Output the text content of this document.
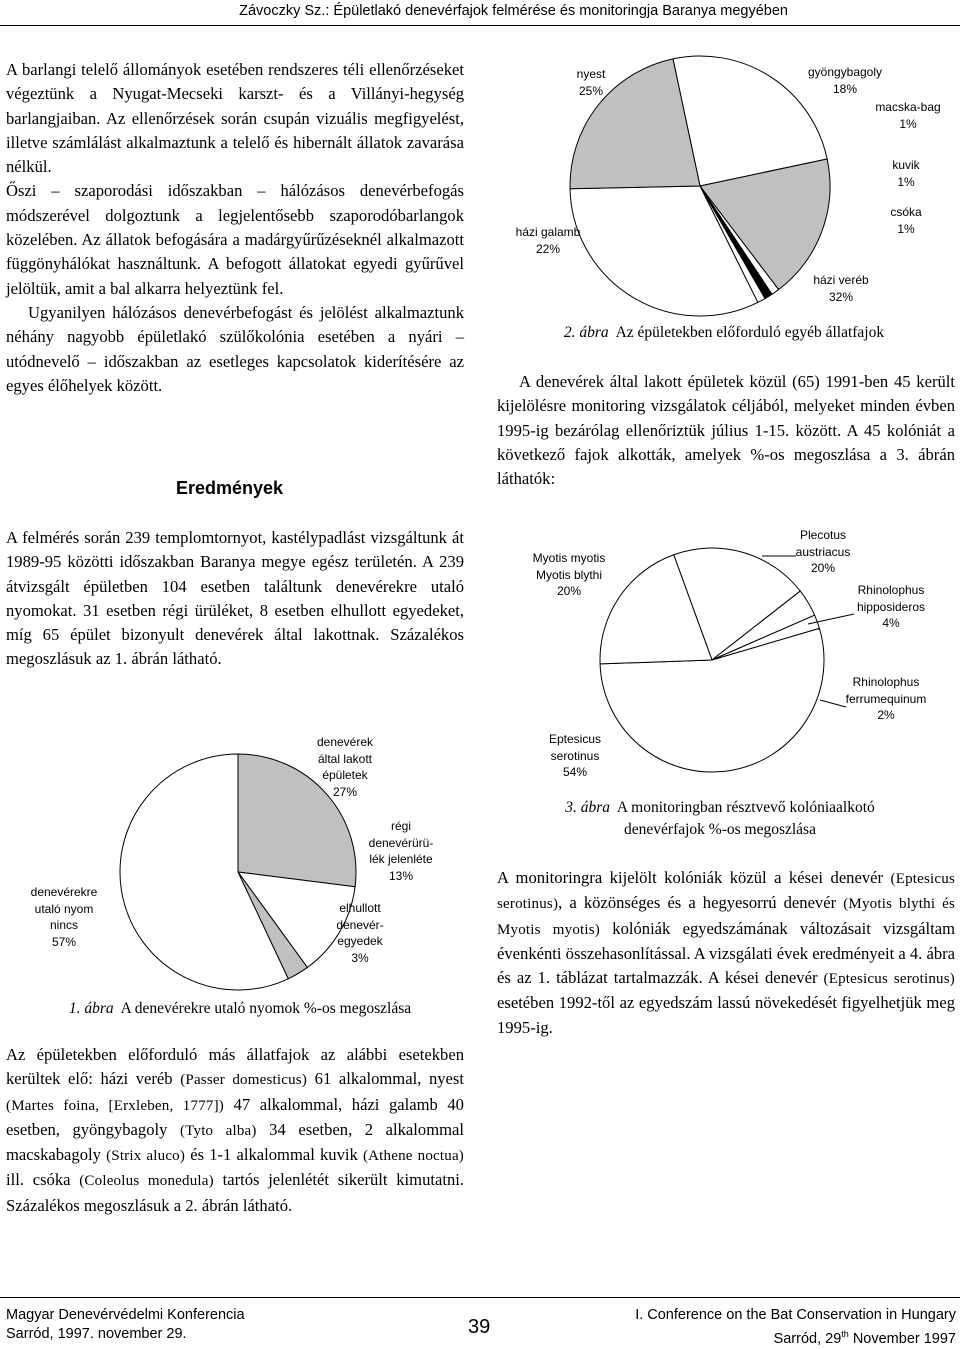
Závoczky Sz.: Épületlakó denevérfajok felmérése és monitoringja Baranya megyében

A barlangi telelő állományok esetében rendszeres téli ellenőrzéseket végeztünk a Nyugat-Mecseki karszt- és a Villányi-hegység barlangjaiban. Az ellenőrzések során csupán vizuális megfigyelést, illetve számlálást alkalmaztunk a telelő és hibernált állatok zavarása nélkül.

Őszi – szaporodási időszakban – hálózásos denevérbefogás módszerével dolgoztunk a legjelentősebb szaporodóbarlangok közelében. Az állatok befogására a madárgyűrűzéseknél alkalmazott függönyhálókat használtunk. A befogott állatokat egyedi gyűrűvel jelöltük, amit a bal alkarra helyeztünk fel.

Ugyanilyen hálózásos denevérbefogást és jelölést alkalmaztunk néhány nagyobb épületlakó szülőkolónia esetében a nyári – utódnevelő – időszakban az esetleges kapcsolatok kiderítésére az egyes élőhelyek között.

Eredmények

A felmérés során 239 templomtornyot, kastélypadlást vizsgáltunk át 1989-95 közötti időszakban Baranya megye egész területén. A 239 átvizsgált épületben 104 esetben találtunk denevérekre utaló nyomokat. 31 esetben régi ürüléket, 8 esetben elhullott egyedeket, míg 65 épület bizonyult denevérek által lakottnak. Százalékos megoszlásuk az 1. ábrán látható.

denevérek
által lakott
épületek
27%
régi
denevérürü-
lék jelenléte
13%
elhullott
denevér-
egyedek
3%
denevérekre
utaló nyom
nincs
57%
1. ábra A denevérekre utaló nyomok %-os megoszlása

Az épületekben előforduló más állatfajok az alábbi esetekben kerültek elő: házi veréb (Passer domesticus) 61 alkalommal, nyest (Martes foina, [Erxleben, 1777]) 47 alkalommal, házi galamb 40 esetben, gyöngybagoly (Tyto alba) 34 esetben, 2 alkalommal macskabagoly (Strix aluco) és 1-1 alkalommal kuvik (Athene noctua) ill. csóka (Coleolus monedula) tartós jelenlétét sikerült kimutatni. Százalékos megoszlásuk a 2. ábrán látható.

nyest
25%
gyöngybagoly
18%
macska-bag
1%
kuvik
1%
csóka
1%
házi veréb
32%
házi galamb
22%
2. ábra Az épületekben előforduló egyéb állatfajok

A denevérek által lakott épületek közül (65) 1991-ben 45 került kijelölésre monitoring vizsgálatok céljából, melyeket minden évben 1995-ig bezárólag ellenőriztük július 1-15. között. A 45 kolóniát a következő fajok alkották, amelyek %-os megoszlása a 3. ábrán láthatók:

Plecotus
austriacus
20%
Rhinolophus
hipposideros
4%
Rhinolophus
ferrumequinum
2%
Eptesicus
serotinus
54%
Myotis myotis
Myotis blythi
20%
3. ábra A monitoringban résztvevő kolóniaalkotó
denevérfajok %-os megoszlása

A monitoringra kijelölt kolóniák közül a kései denevér (Eptesicus serotinus), a közönséges és a hegyesorrú denevér (Myotis blythi és Myotis myotis) kolóniák egyedszámának változásait vizsgáltam évenkénti összehasonlítással. A vizsgálati évek eredményeit a 4. ábra és az 1. táblázat tartalmazzák. A kései denevér (Eptesicus serotinus) esetében 1992-től az egyedszám lassú növekedését figyelhetjük meg 1995-ig.

Magyar Denevérvédelmi Konferencia
Sarród, 1997. november 29.	39
I. Conference on the Bat Conservation in Hungary
Sarród, 29th November 1997
